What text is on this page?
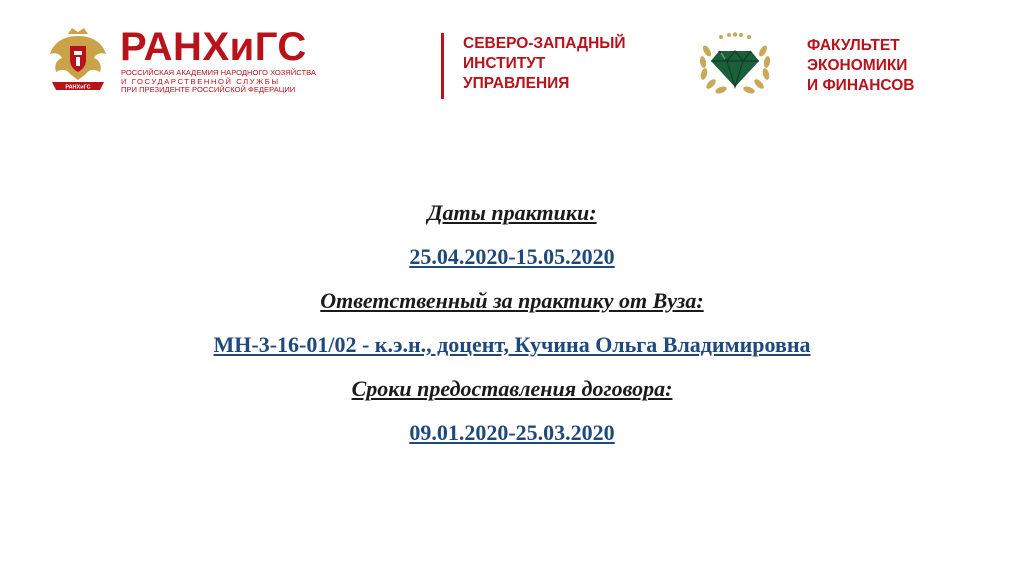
РАНХиГС
РАНХиГС
РОССИЙСКАЯ АКАДЕМИЯ НАРОДНОГО ХОЗЯЙСТВА
И ГОСУДАРСТВЕННОЙ СЛУЖБЫ
ПРИ ПРЕЗИДЕНТЕ РОССИЙСКОЙ ФЕДЕРАЦИИ
СЕВЕРО-ЗАПАДНЫЙ
ИНСТИТУТ
УПРАВЛЕНИЯ
ФАКУЛЬТЕТ
ЭКОНОМИКИ
И ФИНАНСОВ
Даты практики:
25.04.2020-15.05.2020
Ответственный за практику от Вуза:
МН-3-16-01/02 - к.э.н., доцент, Кучина Ольга Владимировна
Сроки предоставления договора:
09.01.2020-25.03.2020
